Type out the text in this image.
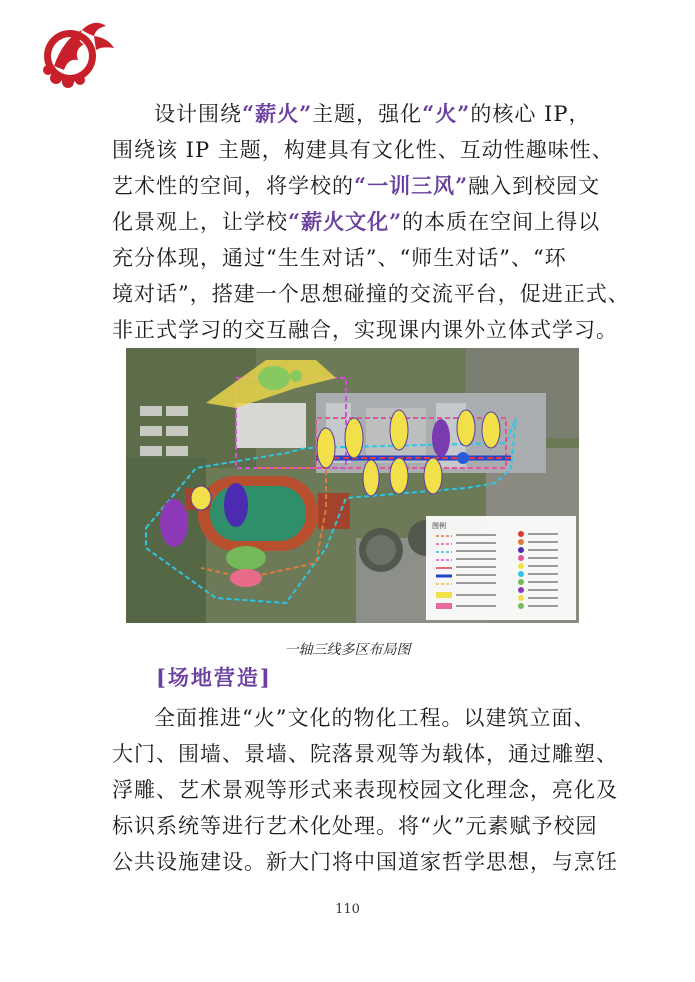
设计围绕“薪火”主题，强化“火”的核心 IP，
围绕该 IP 主题，构建具有文化性、互动性趣味性、
艺术性的空间，将学校的“一训三风”融入到校园文
化景观上，让学校“薪火文化”的本质在空间上得以
充分体现，通过“生生对话”、“师生对话”、“环
境对话”，搭建一个思想碰撞的交流平台，促进正式、
非正式学习的交互融合，实现课内课外立体式学习。
图例
一轴三线多区布局图
[场地营造]
全面推进“火”文化的物化工程。以建筑立面、
大门、围墙、景墙、院落景观等为载体，通过雕塑、
浮雕、艺术景观等形式来表现校园文化理念，亮化及
标识系统等进行艺术化处理。将“火”元素赋予校园
公共设施建设。新大门将中国道家哲学思想，与烹饪
110
